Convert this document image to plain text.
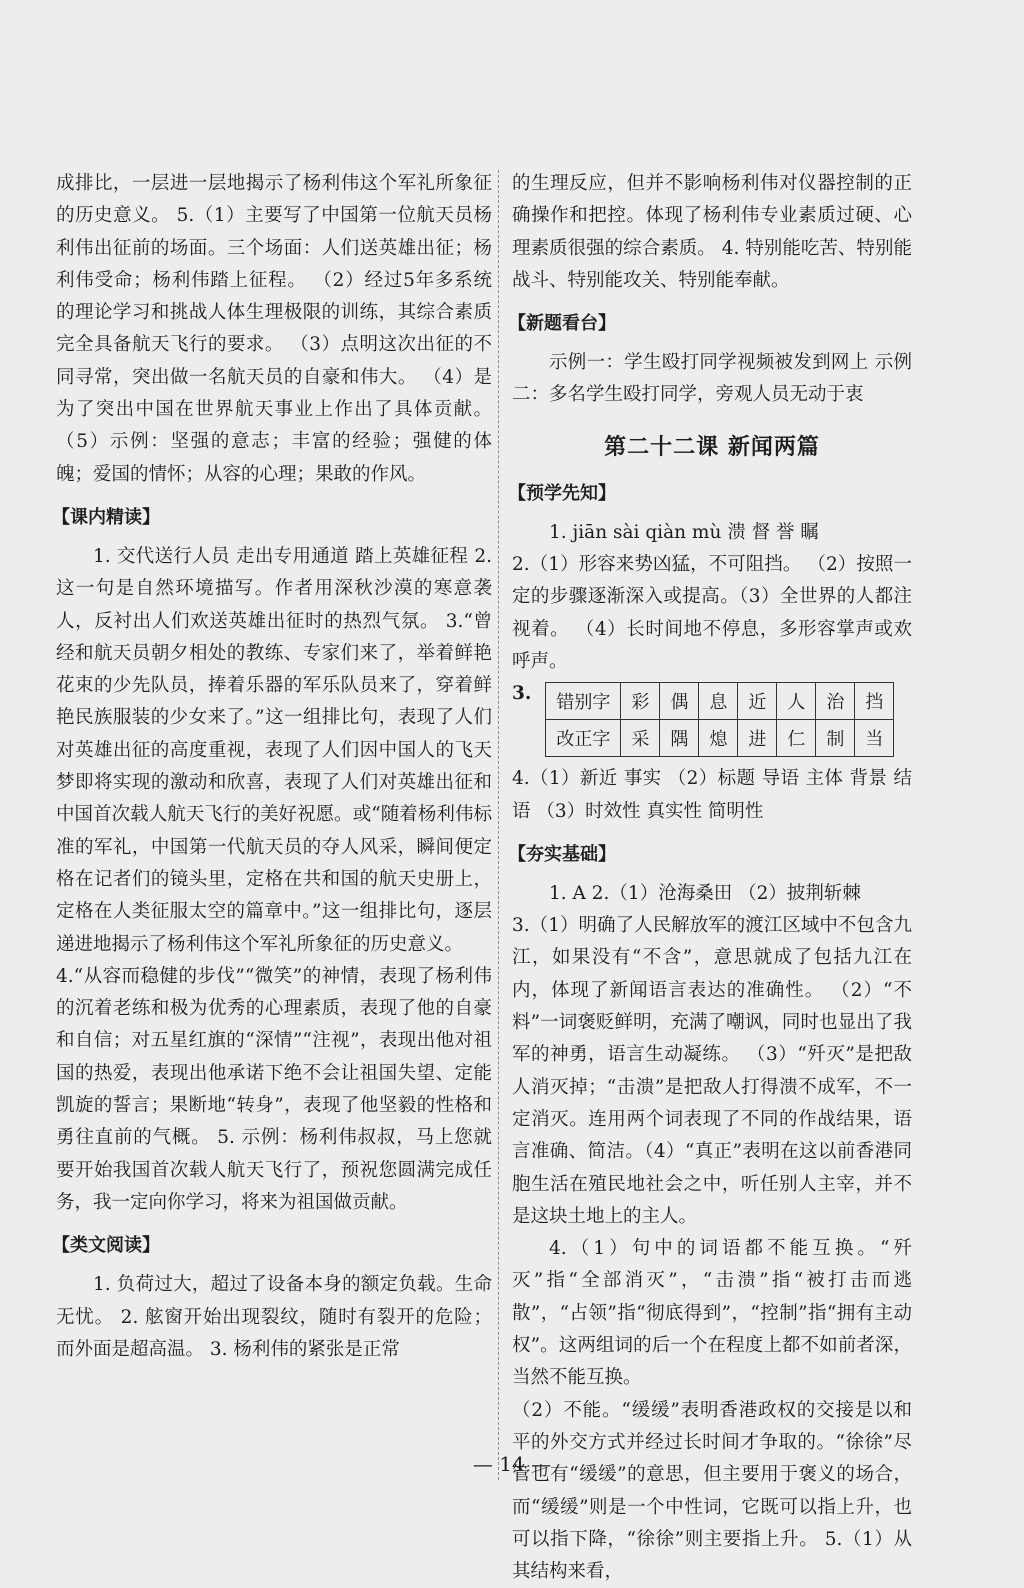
成排比，一层进一层地揭示了杨利伟这个军礼所象征的历史意义。 5.（1）主要写了中国第一位航天员杨利伟出征前的场面。三个场面：人们送英雄出征；杨利伟受命；杨利伟踏上征程。 （2）经过5年多系统的理论学习和挑战人体生理极限的训练，其综合素质完全具备航天飞行的要求。 （3）点明这次出征的不同寻常，突出做一名航天员的自豪和伟大。 （4）是为了突出中国在世界航天事业上作出了具体贡献。 （5）示例：坚强的意志；丰富的经验；强健的体魄；爱国的情怀；从容的心理；果敢的作风。

【课内精读】

1. 交代送行人员 走出专用通道 踏上英雄征程 2. 这一句是自然环境描写。作者用深秋沙漠的寒意袭人，反衬出人们欢送英雄出征时的热烈气氛。 3.“曾经和航天员朝夕相处的教练、专家们来了，举着鲜艳花束的少先队员，捧着乐器的军乐队员来了，穿着鲜艳民族服装的少女来了。”这一组排比句，表现了人们对英雄出征的高度重视，表现了人们因中国人的飞天梦即将实现的激动和欣喜，表现了人们对英雄出征和中国首次载人航天飞行的美好祝愿。或“随着杨利伟标准的军礼，中国第一代航天员的夺人风采，瞬间便定格在记者们的镜头里，定格在共和国的航天史册上，定格在人类征服太空的篇章中。”这一组排比句，逐层递进地揭示了杨利伟这个军礼所象征的历史意义。

4.“从容而稳健的步伐”“微笑”的神情，表现了杨利伟的沉着老练和极为优秀的心理素质，表现了他的自豪和自信；对五星红旗的“深情”“注视”，表现出他对祖国的热爱，表现出他承诺下绝不会让祖国失望、定能凯旋的誓言；果断地“转身”，表现了他坚毅的性格和勇往直前的气概。 5. 示例：杨利伟叔叔，马上您就要开始我国首次载人航天飞行了，预祝您圆满完成任务，我一定向你学习，将来为祖国做贡献。

【类文阅读】

1. 负荷过大，超过了设备本身的额定负载。生命无忧。 2. 舷窗开始出现裂纹，随时有裂开的危险；而外面是超高温。 3. 杨利伟的紧张是正常

的生理反应，但并不影响杨利伟对仪器控制的正确操作和把控。体现了杨利伟专业素质过硬、心理素质很强的综合素质。 4. 特别能吃苦、特别能战斗、特别能攻关、特别能奉献。

【新题看台】

示例一：学生殴打同学视频被发到网上 示例二：多名学生殴打同学，旁观人员无动于衷

第二十二课 新闻两篇
【预学先知】

1. jiān sài qiàn mù 溃 督 誉 瞩

2.（1）形容来势凶猛，不可阻挡。 （2）按照一定的步骤逐渐深入或提高。（3）全世界的人都注视着。 （4）长时间地不停息，多形容掌声或欢呼声。

3. 错别字	彩	偶	息	近	人	治	挡
改正字	采	隅	熄	进	仁	制	当

4.（1）新近 事实 （2）标题 导语 主体 背景 结语 （3）时效性 真实性 简明性

【夯实基础】

1. A 2.（1）沧海桑田 （2）披荆斩棘

3.（1）明确了人民解放军的渡江区域中不包含九江，如果没有“不含”，意思就成了包括九江在内，体现了新闻语言表达的准确性。 （2）“不料”一词褒贬鲜明，充满了嘲讽，同时也显出了我军的神勇，语言生动凝练。 （3）“歼灭”是把敌人消灭掉；“击溃”是把敌人打得溃不成军，不一定消灭。连用两个词表现了不同的作战结果，语言准确、简洁。（4）“真正”表明在这以前香港同胞生活在殖民地社会之中，听任别人主宰，并不是这块土地上的主人。

4.（1）句中的词语都不能互换。“歼灭”指“全部消灭”，“击溃”指“被打击而逃散”，“占领”指“彻底得到”，“控制”指“拥有主动权”。这两组词的后一个在程度上都不如前者深，当然不能互换。

（2）不能。“缓缓”表明香港政权的交接是以和平的外交方式并经过长时间才争取的。“徐徐”尽管也有“缓缓”的意思，但主要用于褒义的场合，而“缓缓”则是一个中性词，它既可以指上升，也可以指下降，“徐徐”则主要指上升。 5.（1）从其结构来看，

— 14 —
